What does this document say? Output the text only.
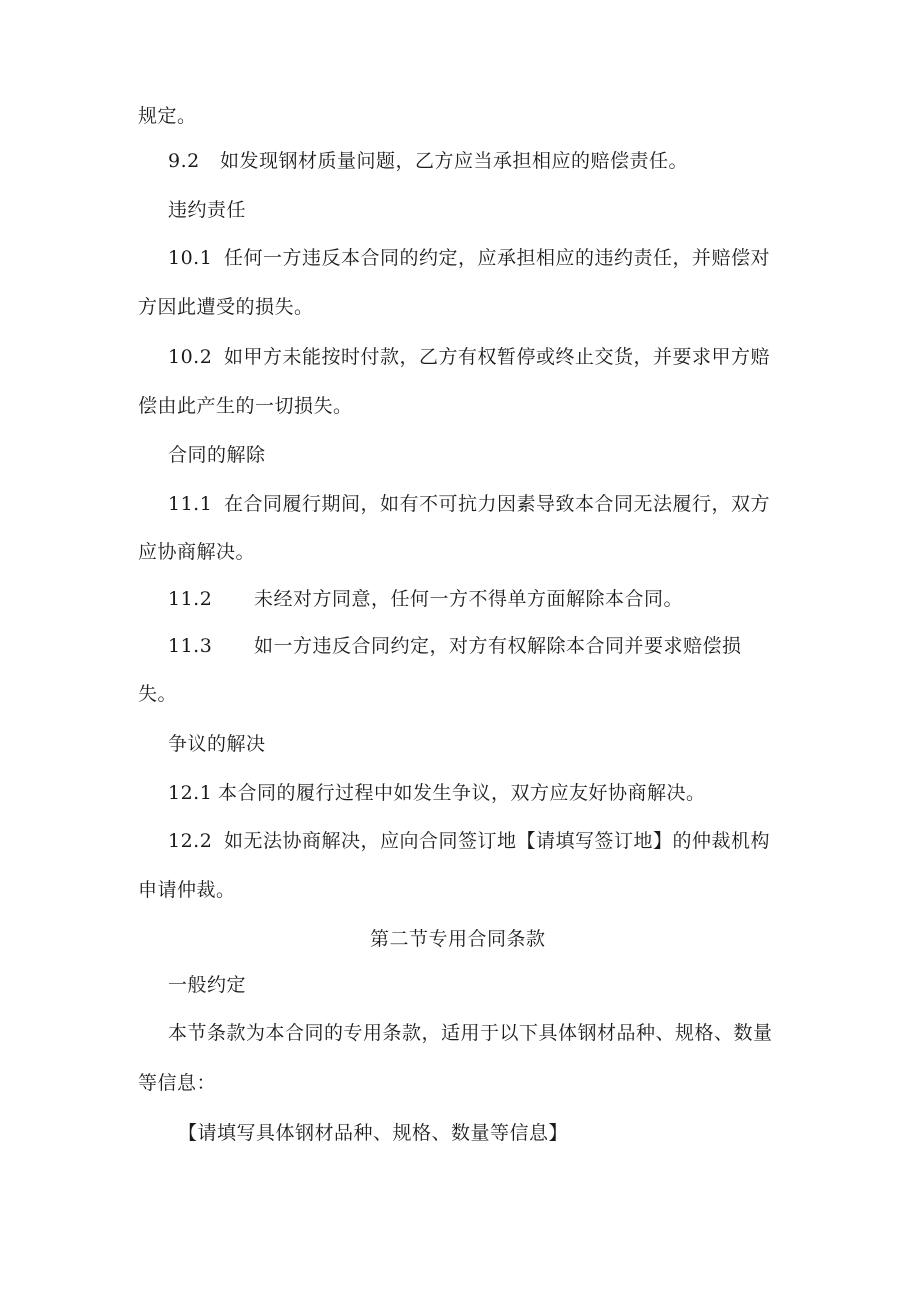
规定。
9.2 如发现钢材质量问题，乙方应当承担相应的赔偿责任。
违约责任
10.1 任何一方违反本合同的约定，应承担相应的违约责任，并赔偿对
方因此遭受的损失。
10.2 如甲方未能按时付款，乙方有权暂停或终止交货，并要求甲方赔
偿由此产生的一切损失。
合同的解除
11.1 在合同履行期间，如有不可抗力因素导致本合同无法履行，双方
应协商解决。
11.2 未经对方同意，任何一方不得单方面解除本合同。
11.3 如一方违反合同约定，对方有权解除本合同并要求赔偿损
失。
争议的解决
12.1 本合同的履行过程中如发生争议，双方应友好协商解决。
12.2 如无法协商解决，应向合同签订地【请填写签订地】的仲裁机构
申请仲裁。
第二节专用合同条款
一般约定
本节条款为本合同的专用条款，适用于以下具体钢材品种、规格、数量
等信息：
【请填写具体钢材品种、规格、数量等信息】
